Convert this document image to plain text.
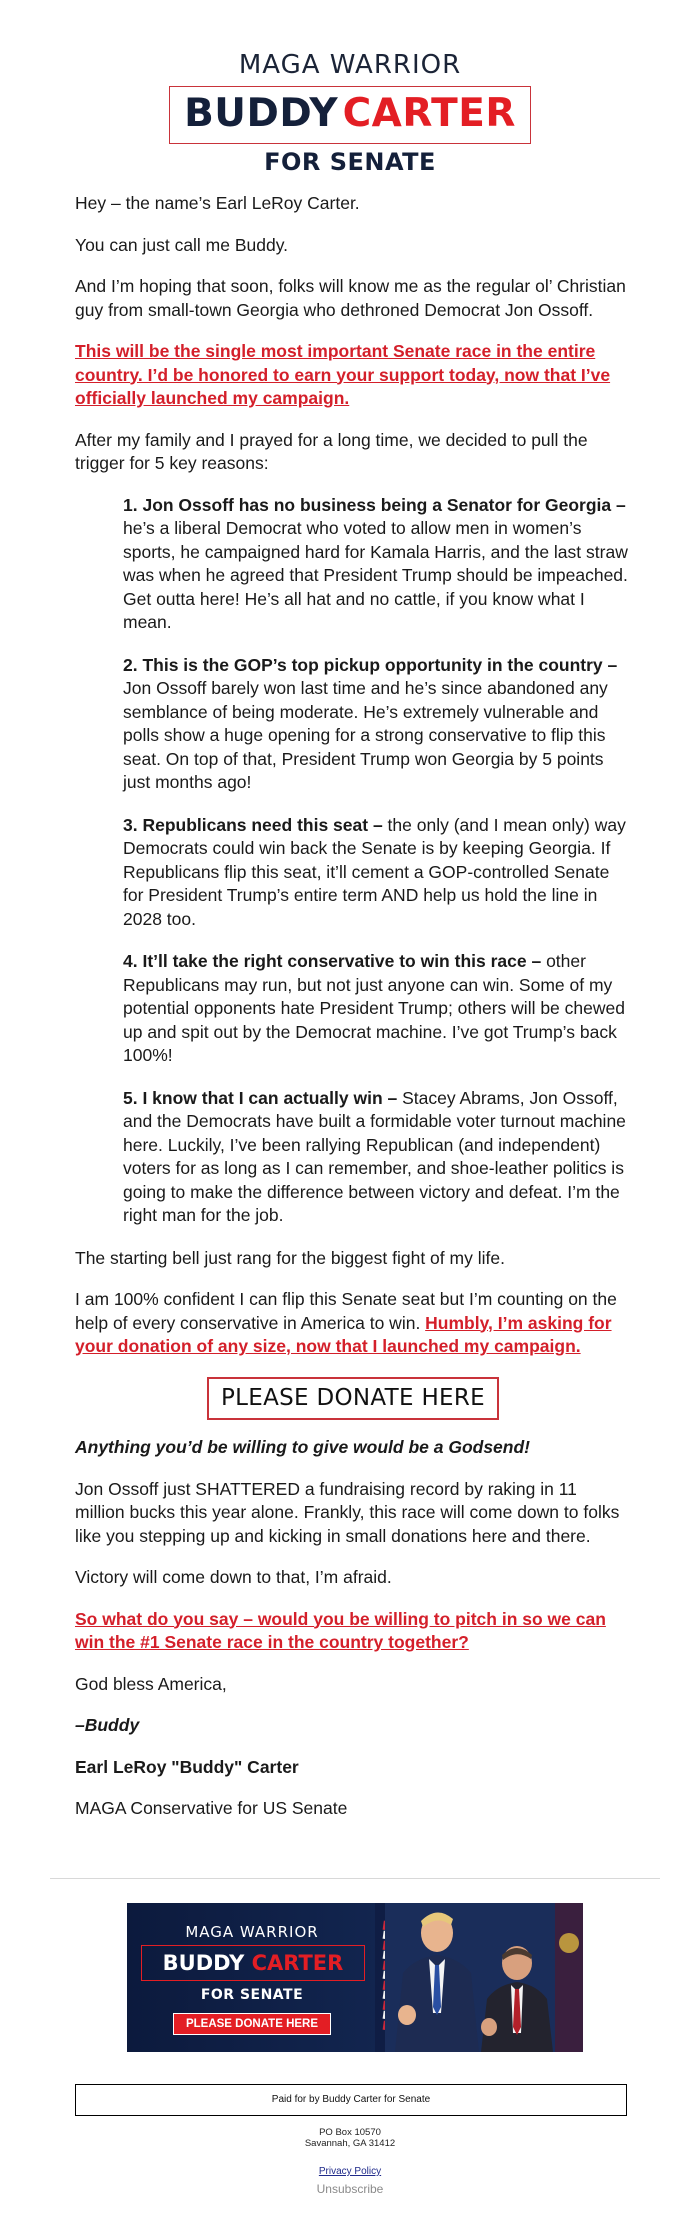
MAGA WARRIOR
BUDDY CARTER
FOR SENATE

Hey – the name’s Earl LeRoy Carter.

You can just call me Buddy.

And I’m hoping that soon, folks will know me as the regular ol’ Christian guy from small-town Georgia who dethroned Democrat Jon Ossoff.

This will be the single most important Senate race in the entire country. I’d be honored to earn your support today, now that I’ve officially launched my campaign.

After my family and I prayed for a long time, we decided to pull the trigger for 5 key reasons:

1. Jon Ossoff has no business being a Senator for Georgia – he’s a liberal Democrat who voted to allow men in women’s sports, he campaigned hard for Kamala Harris, and the last straw was when he agreed that President Trump should be impeached. Get outta here! He’s all hat and no cattle, if you know what I mean.

2. This is the GOP’s top pickup opportunity in the country – Jon Ossoff barely won last time and he’s since abandoned any semblance of being moderate. He’s extremely vulnerable and polls show a huge opening for a strong conservative to flip this seat. On top of that, President Trump won Georgia by 5 points just months ago!

3. Republicans need this seat – the only (and I mean only) way Democrats could win back the Senate is by keeping Georgia. If Republicans flip this seat, it’ll cement a GOP-controlled Senate for President Trump’s entire term AND help us hold the line in 2028 too.

4. It’ll take the right conservative to win this race – other Republicans may run, but not just anyone can win. Some of my potential opponents hate President Trump; others will be chewed up and spit out by the Democrat machine. I’ve got Trump’s back 100%!

5. I know that I can actually win – Stacey Abrams, Jon Ossoff, and the Democrats have built a formidable voter turnout machine here. Luckily, I’ve been rallying Republican (and independent) voters for as long as I can remember, and shoe-leather politics is going to make the difference between victory and defeat. I’m the right man for the job.

The starting bell just rang for the biggest fight of my life.

I am 100% confident I can flip this Senate seat but I’m counting on the help of every conservative in America to win. Humbly, I’m asking for your donation of any size, now that I launched my campaign.

PLEASE DONATE HERE

Anything you’d be willing to give would be a Godsend!

Jon Ossoff just SHATTERED a fundraising record by raking in 11 million bucks this year alone. Frankly, this race will come down to folks like you stepping up and kicking in small donations here and there.

Victory will come down to that, I’m afraid.

So what do you say – would you be willing to pitch in so we can win the #1 Senate race in the country together?

God bless America,

–Buddy

Earl LeRoy "Buddy" Carter

MAGA Conservative for US Senate

MAGA WARRIOR
BUDDY CARTER
FOR SENATE
PLEASE DONATE HERE
Paid for by Buddy Carter for Senate
PO Box 10570
Savannah, GA 31412
Privacy Policy
Unsubscribe
